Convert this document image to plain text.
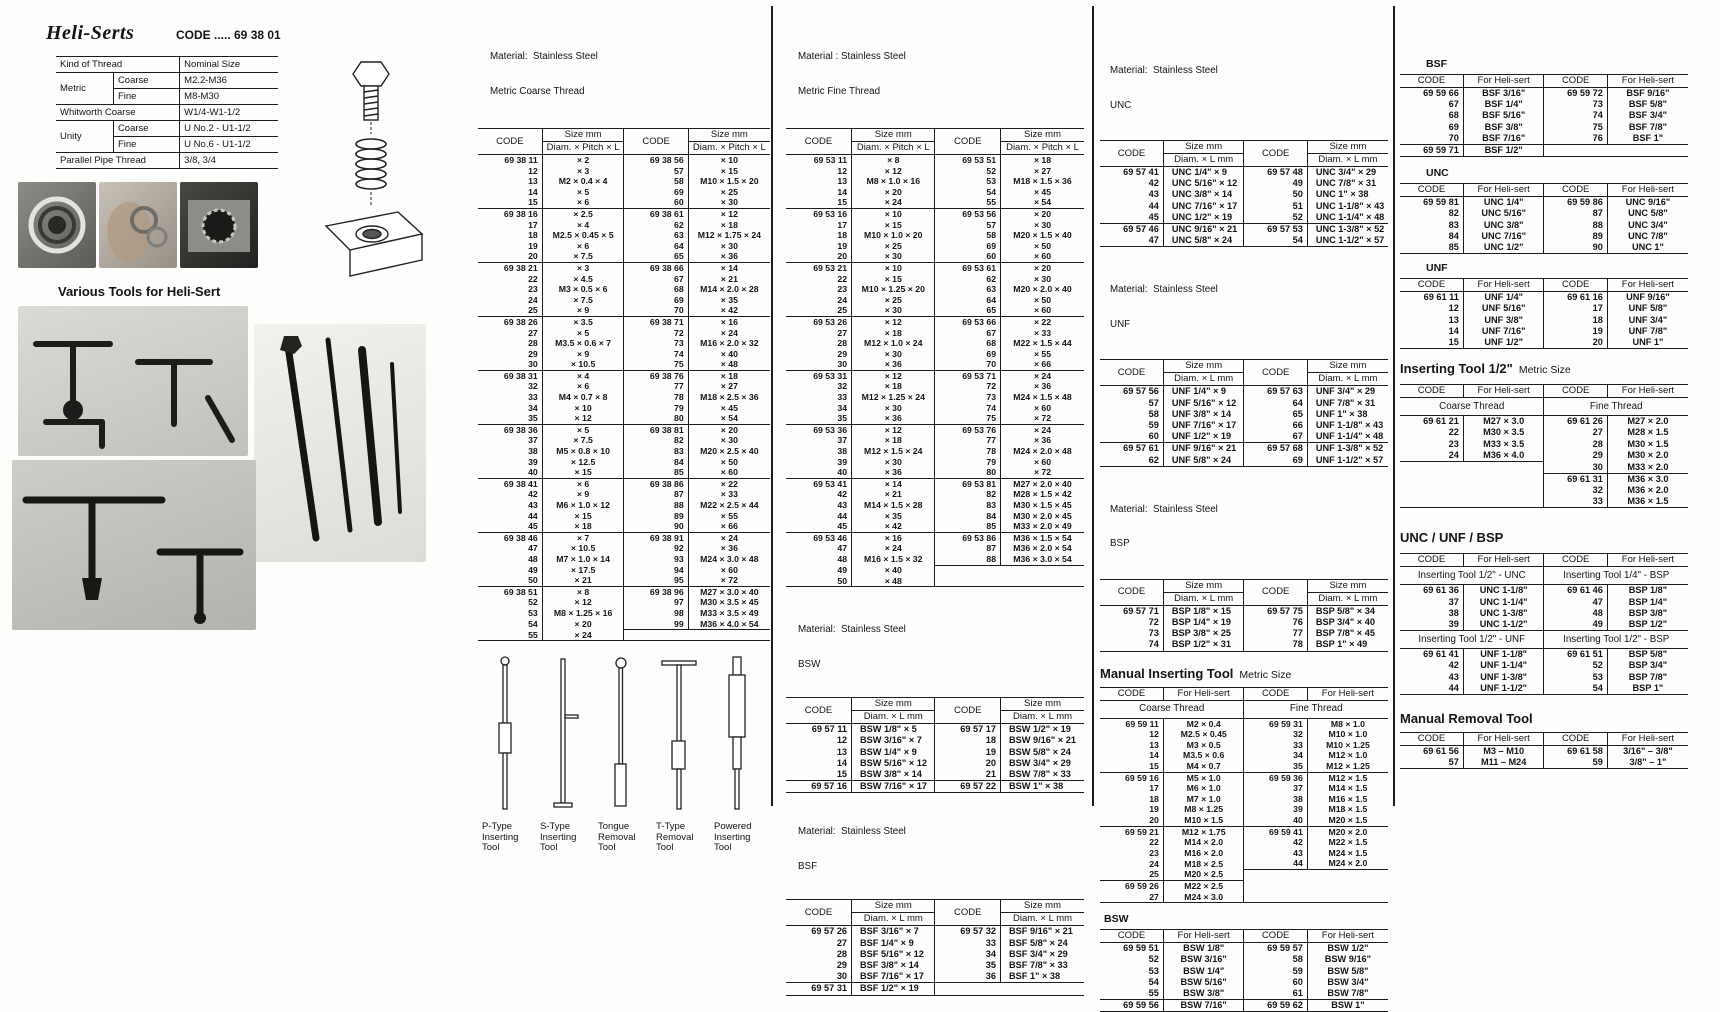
Heli-Serts	CODE ..... 69 38 01
Kind of Thread		Nominal Size
Metric	Coarse	M2.2-M36
	Fine	M8-M30
Whitworth Coarse		W1/4-W1-1/2
Unity	Coarse	U No.2 - U1-1/2
	Fine	U No.6 - U1-1/2
Parallel Pipe Thread		3/8, 3/4
Various Tools for Heli-Sert

Material:  Stainless Steel

Metric Coarse Thread

CODE	Size mm	CODE	Size mm
	Diam. × Pitch × L		Diam. × Pitch × L
69 38 11	× 2	69 38 56	× 10
12	× 3	57	× 15
13	M2 × 0.4 × 4	58	M10 × 1.5 × 20
14	× 5	69	× 25
15	× 6	60	× 30
69 38 16	× 2.5	69 38 61	× 12
17	× 4	62	× 18
18	M2.5 × 0.45 × 5	63	M12 × 1.75 × 24
19	× 6	64	× 30
20	× 7.5	65	× 36
69 38 21	× 3	69 38 66	× 14
22	× 4.5	67	× 21
23	M3 × 0.5 × 6	68	M14 × 2.0 × 28
24	× 7.5	69	× 35
25	× 9	70	× 42
69 38 26	× 3.5	69 38 71	× 16
27	× 5	72	× 24
28	M3.5 × 0.6 × 7	73	M16 × 2.0 × 32
29	× 9	74	× 40
30	× 10.5	75	× 48
69 38 31	× 4	69 38 76	× 18
32	× 6	77	× 27
33	M4 × 0.7 × 8	78	M18 × 2.5 × 36
34	× 10	79	× 45
35	× 12	80	× 54
69 38 36	× 5	69 38 81	× 20
37	× 7.5	82	× 30
38	M5 × 0.8 × 10	83	M20 × 2.5 × 40
39	× 12.5	84	× 50
40	× 15	85	× 60
69 38 41	× 6	69 38 86	× 22
42	× 9	87	× 33
43	M6 × 1.0 × 12	88	M22 × 2.5 × 44
44	× 15	89	× 55
45	× 18	90	× 66
69 38 46	× 7	69 38 91	× 24
47	× 10.5	92	× 36
48	M7 × 1.0 × 14	93	M24 × 3.0 × 48
49	× 17.5	94	× 60
50	× 21	95	× 72
69 38 51	× 8	69 38 96	M27 × 3.0 × 40
52	× 12	97	M30 × 3.5 × 45
53	M8 × 1.25 × 16	98	M33 × 3.5 × 49
54	× 20	99	M36 × 4.0 × 54
55	× 24		
P-Type
Inserting
Tool
S-Type
Inserting
Tool
Tongue
Removal
Tool
T-Type
Removal
Tool
Powered
Inserting
Tool

Material : Stainless Steel

Metric Fine Thread

CODE	Size mm	CODE	Size mm
	Diam. × Pitch × L		Diam. × Pitch × L
69 53 11	× 8	69 53 51	× 18
12	× 12	52	× 27
13	M8 × 1.0 × 16	53	M18 × 1.5 × 36
14	× 20	54	× 45
15	× 24	55	× 54
69 53 16	× 10	69 53 56	× 20
17	× 15	57	× 30
18	M10 × 1.0 × 20	58	M20 × 1.5 × 40
19	× 25	69	× 50
20	× 30	60	× 60
69 53 21	× 10	69 53 61	× 20
22	× 15	62	× 30
23	M10 × 1.25 × 20	63	M20 × 2.0 × 40
24	× 25	64	× 50
25	× 30	65	× 60
69 53 26	× 12	69 53 66	× 22
27	× 18	67	× 33
28	M12 × 1.0 × 24	68	M22 × 1.5 × 44
29	× 30	69	× 55
30	× 36	70	× 66
69 53 31	× 12	69 53 71	× 24
32	× 18	72	× 36
33	M12 × 1.25 × 24	73	M24 × 1.5 × 48
34	× 30	74	× 60
35	× 36	75	× 72
69 53 36	× 12	69 53 76	× 24
37	× 18	77	× 36
38	M12 × 1.5 × 24	78	M24 × 2.0 × 48
39	× 30	79	× 60
40	× 36	80	× 72
69 53 41	× 14	69 53 81	M27 × 2.0 × 40
42	× 21	82	M28 × 1.5 × 42
43	M14 × 1.5 × 28	83	M30 × 1.5 × 45
44	× 35	84	M30 × 2.0 × 45
45	× 42	85	M33 × 2.0 × 49
69 53 46	× 16	69 53 86	M36 × 1.5 × 54
47	× 24	87	M36 × 2.0 × 54
48	M16 × 1.5 × 32	88	M36 × 3.0 × 54
49	× 40		
50	× 48		

Material:  Stainless Steel

BSW

CODE	Size mm	CODE	Size mm
	Diam. × L mm		Diam. × L mm
69 57 11	BSW 1/8" × 5	69 57 17	BSW 1/2" × 19
12	BSW 3/16" × 7	18	BSW 9/16" × 21
13	BSW 1/4" × 9	19	BSW 5/8" × 24
14	BSW 5/16" × 12	20	BSW 3/4" × 29
15	BSW 3/8" × 14	21	BSW 7/8" × 33
69 57 16	BSW 7/16" × 17	69 57 22	BSW 1" × 38

Material:  Stainless Steel

BSF

CODE	Size mm	CODE	Size mm
	Diam. × L mm		Diam. × L mm
69 57 26	BSF 3/16" × 7	69 57 32	BSF 9/16" × 21
27	BSF 1/4" × 9	33	BSF 5/8" × 24
28	BSF 5/16" × 12	34	BSF 3/4" × 29
29	BSF 3/8" × 14	35	BSF 7/8" × 33
30	BSF 7/16" × 17	36	BSF 1" × 38
69 57 31	BSF 1/2" × 19		

Material:  Stainless Steel

UNC

CODE	Size mm	CODE	Size mm
	Diam. × L mm		Diam. × L mm
69 57 41	UNC 1/4" × 9	69 57 48	UNC 3/4" × 29
42	UNC 5/16" × 12	49	UNC 7/8" × 31
43	UNC 3/8" × 14	50	UNC 1" × 38
44	UNC 7/16" × 17	51	UNC 1-1/8" × 43
45	UNC 1/2" × 19	52	UNC 1-1/4" × 48
69 57 46	UNC 9/16" × 21	69 57 53	UNC 1-3/8" × 52
47	UNC 5/8" × 24	54	UNC 1-1/2" × 57

Material:  Stainless Steel

UNF

CODE	Size mm	CODE	Size mm
	Diam. × L mm		Diam. × L mm
69 57 56	UNF 1/4" × 9	69 57 63	UNF 3/4" × 29
57	UNF 5/16" × 12	64	UNF 7/8" × 31
58	UNF 3/8" × 14	65	UNF 1" × 38
59	UNF 7/16" × 17	66	UNF 1-1/8" × 43
60	UNF 1/2" × 19	67	UNF 1-1/4" × 48
69 57 61	UNF 9/16" × 21	69 57 68	UNF 1-3/8" × 52
62	UNF 5/8" × 24	69	UNF 1-1/2" × 57

Material:  Stainless Steel

BSP

CODE	Size mm	CODE	Size mm
	Diam. × L mm		Diam. × L mm
69 57 71	BSP 1/8" × 15	69 57 75	BSP 5/8" × 34
72	BSP 1/4" × 19	76	BSP 3/4" × 40
73	BSP 3/8" × 25	77	BSP 7/8" × 45
74	BSP 1/2" × 31	78	BSP 1" × 49
Manual Inserting Tool Metric Size
CODE	For Heli-sert	CODE	For Heli-sert
Coarse Thread		Fine Thread	
69 59 11	M2 × 0.4	69 59 31	M8 × 1.0
12	M2.5 × 0.45	32	M10 × 1.0
13	M3 × 0.5	33	M10 × 1.25
14	M3.5 × 0.6	34	M12 × 1.0
15	M4 × 0.7	35	M12 × 1.25
69 59 16	M5 × 1.0	69 59 36	M12 × 1.5
17	M6 × 1.0	37	M14 × 1.5
18	M7 × 1.0	38	M16 × 1.5
19	M8 × 1.25	39	M18 × 1.5
20	M10 × 1.5	40	M20 × 1.5
69 59 21	M12 × 1.75	69 59 41	M20 × 2.0
22	M14 × 2.0	42	M22 × 1.5
23	M16 × 2.0	43	M24 × 1.5
24	M18 × 2.5	44	M24 × 2.0
25	M20 × 2.5		
69 59 26	M22 × 2.5		
27	M24 × 3.0		
BSW
CODE	For Heli-sert	CODE	For Heli-sert
69 59 51	BSW 1/8"	69 59 57	BSW 1/2"
52	BSW 3/16"	58	BSW 9/16"
53	BSW 1/4"	59	BSW 5/8"
54	BSW 5/16"	60	BSW 3/4"
55	BSW 3/8"	61	BSW 7/8"
69 59 56	BSW 7/16"	69 59 62	BSW 1"
BSF
CODE	For Heli-sert	CODE	For Heli-sert
69 59 66	BSF 3/16"	69 59 72	BSF 9/16"
67	BSF 1/4"	73	BSF 5/8"
68	BSF 5/16"	74	BSF 3/4"
69	BSF 3/8"	75	BSF 7/8"
70	BSF 7/16"	76	BSF 1"
69 59 71	BSF 1/2"		
UNC
CODE	For Heli-sert	CODE	For Heli-sert
69 59 81	UNC 1/4"	69 59 86	UNC 9/16"
82	UNC 5/16"	87	UNC 5/8"
83	UNC 3/8"	88	UNC 3/4"
84	UNC 7/16"	89	UNC 7/8"
85	UNC 1/2"	90	UNC 1"
UNF
CODE	For Heli-sert	CODE	For Heli-sert
69 61 11	UNF 1/4"	69 61 16	UNF 9/16"
12	UNF 5/16"	17	UNF 5/8"
13	UNF 3/8"	18	UNF 3/4"
14	UNF 7/16"	19	UNF 7/8"
15	UNF 1/2"	20	UNF 1"
Inserting Tool 1/2" Metric Size
CODE	For Heli-sert	CODE	For Heli-sert
Coarse Thread		Fine Thread	
69 61 21	M27 × 3.0	69 61 26	M27 × 2.0
22	M30 × 3.5	27	M28 × 1.5
23	M33 × 3.5	28	M30 × 1.5
24	M36 × 4.0	29	M30 × 2.0
		30	M33 × 2.0
		69 61 31	M36 × 3.0
		32	M36 × 2.0
		33	M36 × 1.5
UNC / UNF / BSP
CODE	For Heli-sert	CODE	For Heli-sert
Inserting Tool 1/2" - UNC		Inserting Tool 1/4" - BSP	
69 61 36	UNC 1-1/8"	69 61 46	BSP 1/8"
37	UNC 1-1/4"	47	BSP 1/4"
38	UNC 1-3/8"	48	BSP 3/8"
39	UNC 1-1/2"	49	BSP 1/2"
Inserting Tool 1/2" - UNF		Inserting Tool 1/2" - BSP	
69 61 41	UNF 1-1/8"	69 61 51	BSP 5/8"
42	UNF 1-1/4"	52	BSP 3/4"
43	UNF 1-3/8"	53	BSP 7/8"
44	UNF 1-1/2"	54	BSP 1"
Manual Removal Tool
CODE	For Heli-sert	CODE	For Heli-sert
69 61 56	M3 – M10	69 61 58	3/16" – 3/8"
57	M11 – M24	59	3/8" – 1"
